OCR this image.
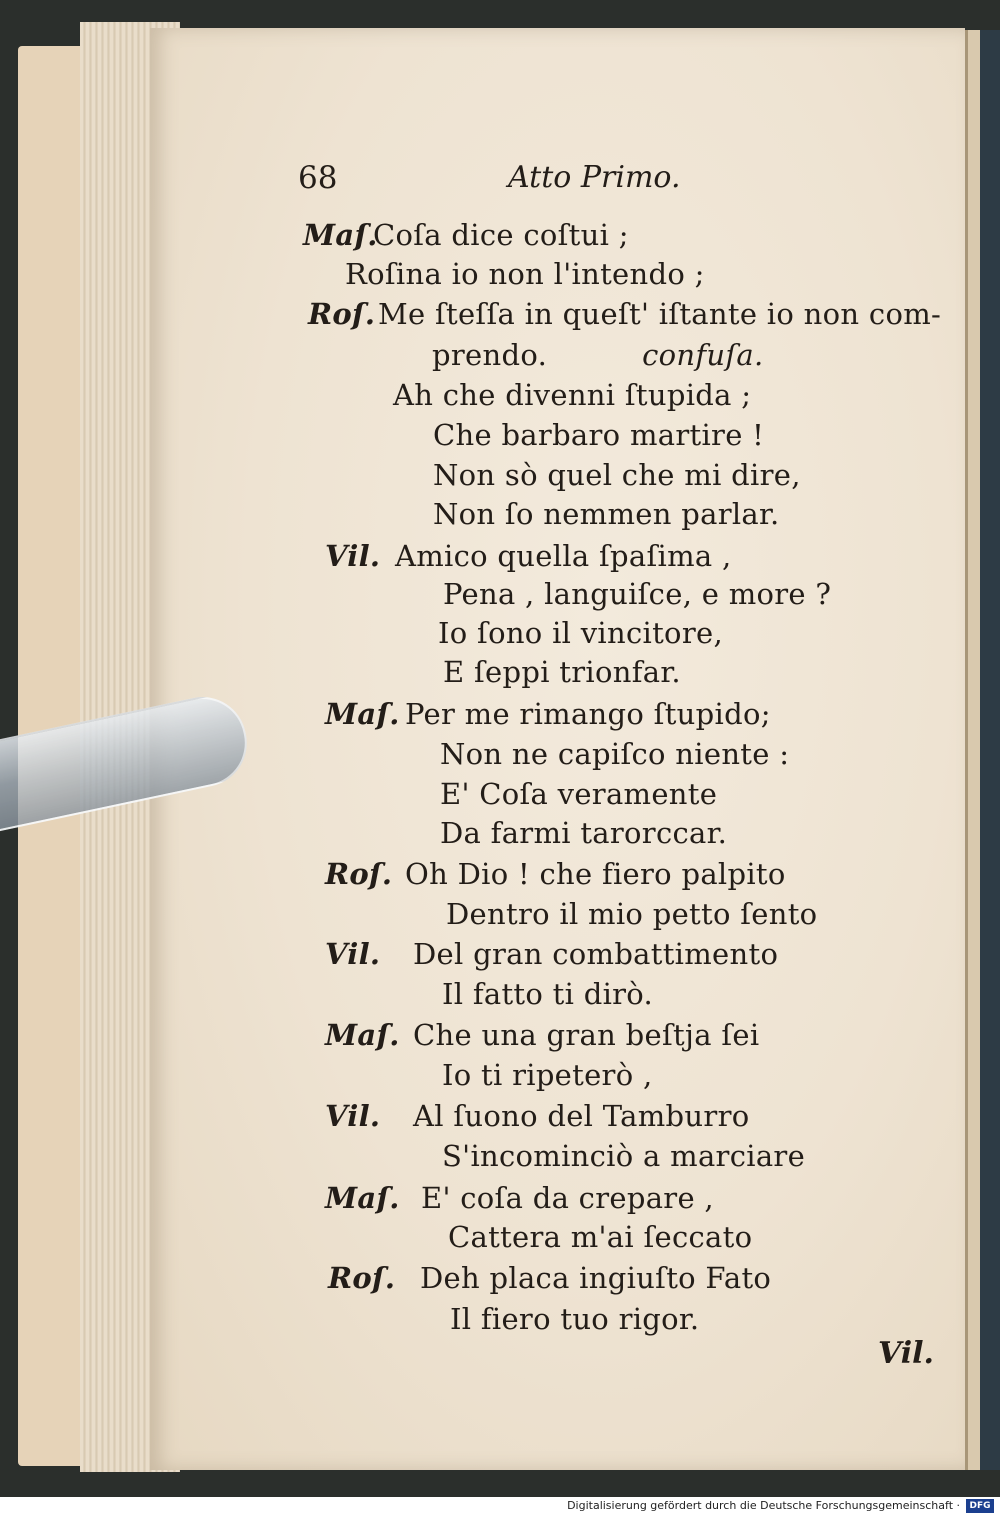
68	Atto Primo.
Maſ.Coſa dice coſtui ;
Roſina io non l'intendo ;
Roſ.Me ſteſſa in queſt' iſtante io non com-
prendo.	confuſa.
Ah che divenni ſtupida ;
Che barbaro martire !
Non sò quel che mi dire,
Non ſo nemmen parlar.
Vil. Amico quella ſpaſima ,
Pena , languiſce, e more ?
Io ſono il vincitore,
E ſeppi trionfar.
Maſ. Per me rimango ſtupido;
Non ne capiſco niente :
E' Coſa veramente
Da farmi tarorccar.
Roſ. Oh Dio ! che fiero palpito
Dentro il mio petto ſento
Vil. Del gran combattimento
Il fatto ti dirò.
Maſ. Che una gran beſtja ſei
Io ti ripeterò ,
Vil. Al ſuono del Tamburro
S'incominciò a marciare
Maſ. E' coſa da crepare ,
Cattera m'ai ſeccato
Roſ. Deh placa ingiuſto Fato
Il fiero tuo rigor.
Vil.
Digitalisierung gefördert durch die Deutsche Forschungsgemeinschaft ·	DFG
